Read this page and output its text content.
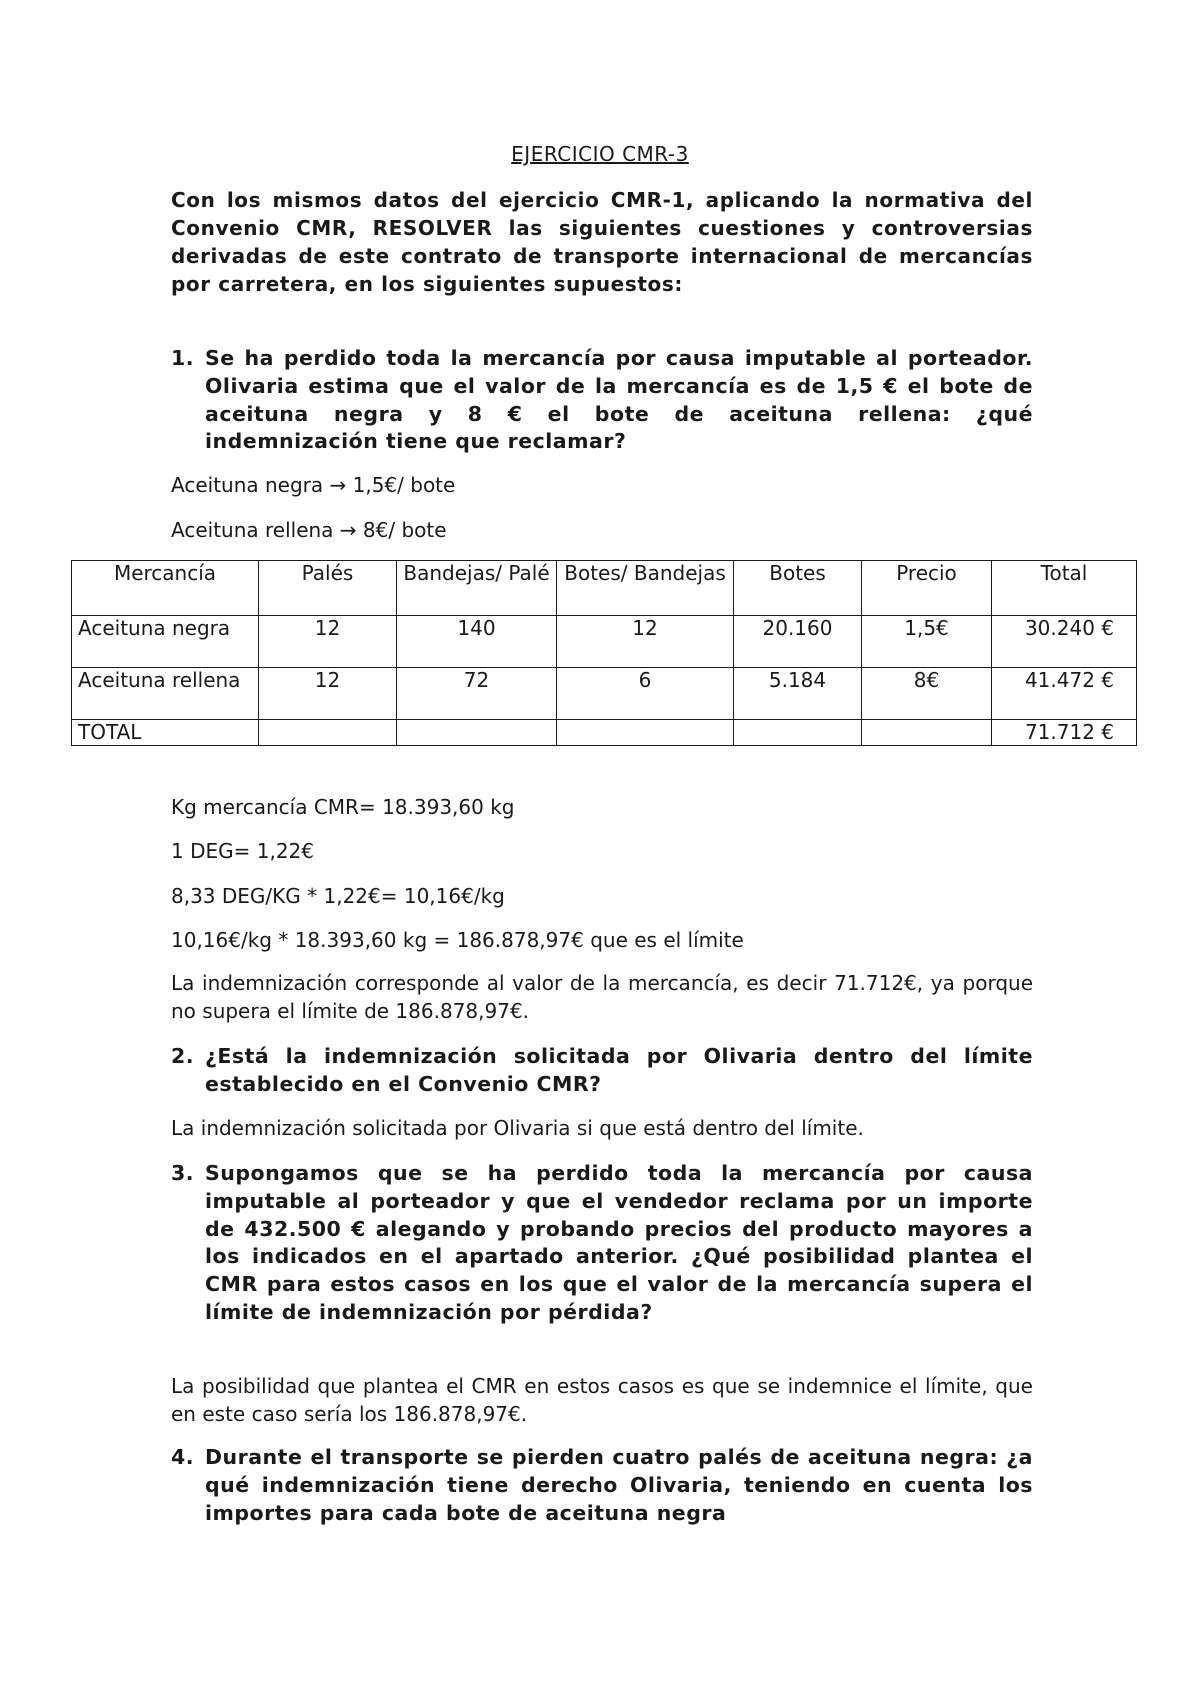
EJERCICIO CMR-3
Con los mismos datos del ejercicio CMR-1, aplicando la normativa del Convenio CMR, RESOLVER las siguientes cuestiones y controversias derivadas de este contrato de transporte internacional de mercancías por carretera, en los siguientes supuestos:
1. Se ha perdido toda la mercancía por causa imputable al porteador. Olivaria estima que el valor de la mercancía es de 1,5 € el bote de aceituna negra y 8 € el bote de aceituna rellena: ¿qué indemnización tiene que reclamar?
Aceituna negra → 1,5€/ bote
Aceituna rellena → 8€/ bote
Mercancía	Palés	Bandejas/ Palé	Botes/ Bandejas	Botes	Precio	Total
Aceituna negra	12	140	12	20.160	1,5€	30.240 €
Aceituna rellena	12	72	6	5.184	8€	41.472 €
TOTAL						71.712 €
Kg mercancía CMR= 18.393,60 kg
1 DEG= 1,22€
8,33 DEG/KG * 1,22€= 10,16€/kg
10,16€/kg * 18.393,60 kg = 186.878,97€ que es el límite
La indemnización corresponde al valor de la mercancía, es decir 71.712€, ya porque no supera el límite de 186.878,97€.
2. ¿Está la indemnización solicitada por Olivaria dentro del límite establecido en el Convenio CMR?
La indemnización solicitada por Olivaria si que está dentro del límite.
3. Supongamos que se ha perdido toda la mercancía por causa imputable al porteador y que el vendedor reclama por un importe de 432.500 € alegando y probando precios del producto mayores a los indicados en el apartado anterior. ¿Qué posibilidad plantea el CMR para estos casos en los que el valor de la mercancía supera el límite de indemnización por pérdida?
La posibilidad que plantea el CMR en estos casos es que se indemnice el límite, que en este caso sería los 186.878,97€.
4. Durante el transporte se pierden cuatro palés de aceituna negra: ¿a qué indemnización tiene derecho Olivaria, teniendo en cuenta los importes para cada bote de aceituna negra
